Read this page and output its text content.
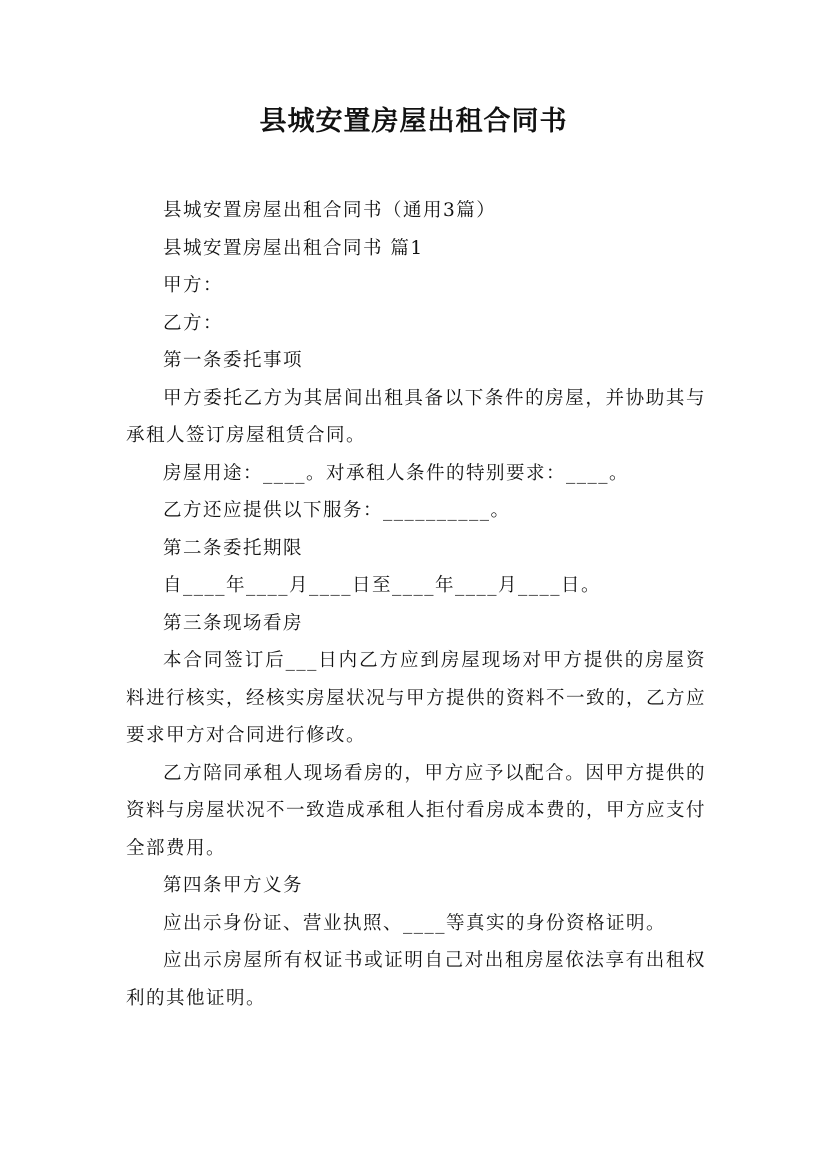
县城安置房屋出租合同书

县城安置房屋出租合同书（通用3篇）

县城安置房屋出租合同书 篇1

甲方：

乙方：

第一条委托事项

甲方委托乙方为其居间出租具备以下条件的房屋，并协助其与承租人签订房屋租赁合同。

房屋用途：____。对承租人条件的特别要求：____。

乙方还应提供以下服务：__________。

第二条委托期限

自____年____月____日至____年____月____日。

第三条现场看房

本合同签订后___日内乙方应到房屋现场对甲方提供的房屋资料进行核实，经核实房屋状况与甲方提供的资料不一致的，乙方应要求甲方对合同进行修改。

乙方陪同承租人现场看房的，甲方应予以配合。因甲方提供的资料与房屋状况不一致造成承租人拒付看房成本费的，甲方应支付全部费用。

第四条甲方义务

应出示身份证、营业执照、____等真实的身份资格证明。

应出示房屋所有权证书或证明自己对出租房屋依法享有出租权利的其他证明。
